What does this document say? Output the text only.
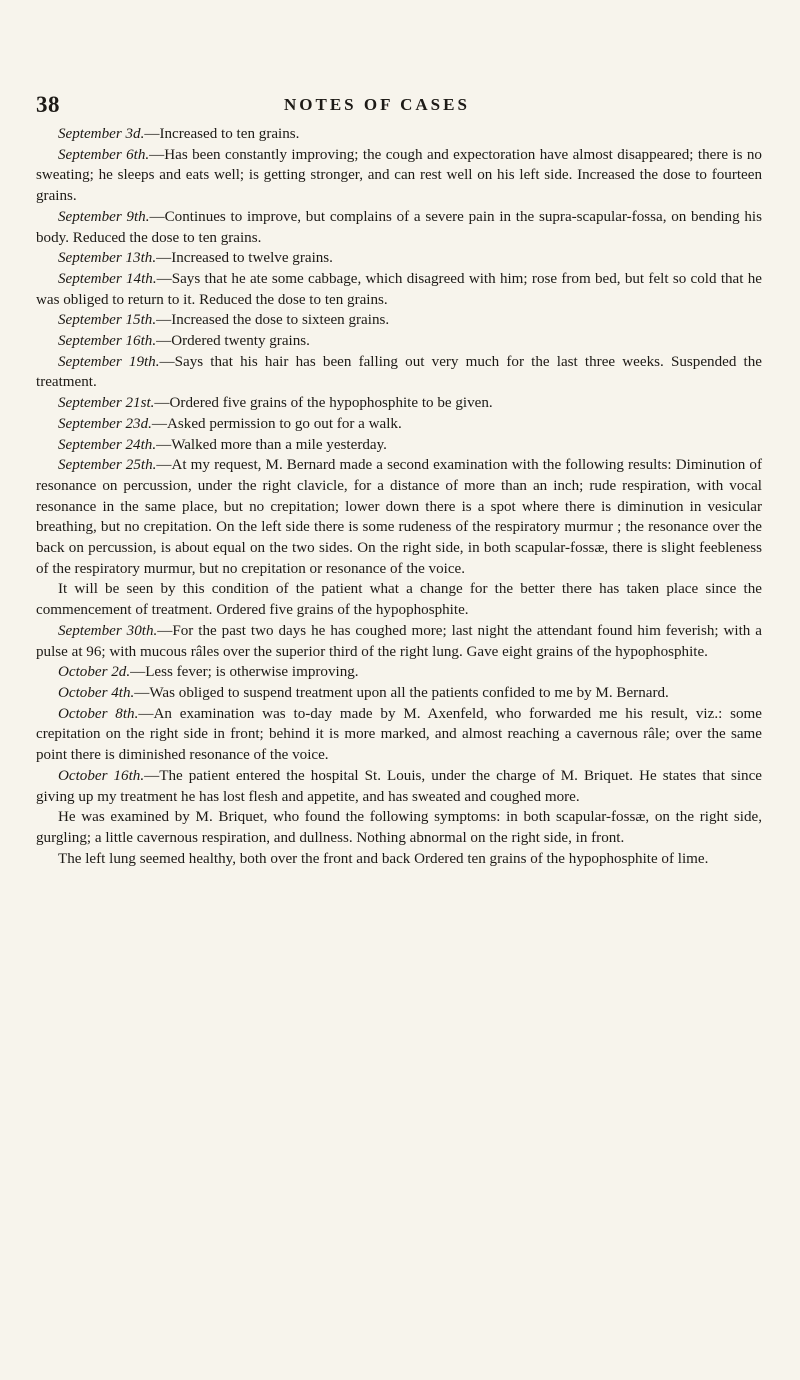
38	NOTES OF CASES

September 3d.—Increased to ten grains.

September 6th.—Has been constantly improving; the cough and expectoration have almost disappeared; there is no sweating; he sleeps and eats well; is getting stronger, and can rest well on his left side. Increased the dose to fourteen grains.

September 9th.—Continues to improve, but complains of a severe pain in the supra-scapular-fossa, on bending his body. Reduced the dose to ten grains.

September 13th.—Increased to twelve grains.

September 14th.—Says that he ate some cabbage, which disagreed with him; rose from bed, but felt so cold that he was obliged to return to it. Reduced the dose to ten grains.

September 15th.—Increased the dose to sixteen grains.

September 16th.—Ordered twenty grains.

September 19th.—Says that his hair has been falling out very much for the last three weeks. Suspended the treatment.

September 21st.—Ordered five grains of the hypophosphite to be given.

September 23d.—Asked permission to go out for a walk.

September 24th.—Walked more than a mile yesterday.

September 25th.—At my request, M. Bernard made a second examination with the following results: Diminution of resonance on percussion, under the right clavicle, for a distance of more than an inch; rude respiration, with vocal resonance in the same place, but no crepitation; lower down there is a spot where there is diminution in vesicular breathing, but no crepitation. On the left side there is some rudeness of the respiratory murmur ; the resonance over the back on percussion, is about equal on the two sides. On the right side, in both scapular-fossæ, there is slight feebleness of the respiratory murmur, but no crepitation or resonance of the voice.

It will be seen by this condition of the patient what a change for the better there has taken place since the commencement of treatment. Ordered five grains of the hypophosphite.

September 30th.—For the past two days he has coughed more; last night the attendant found him feverish; with a pulse at 96; with mucous râles over the superior third of the right lung. Gave eight grains of the hypophosphite.

October 2d.—Less fever; is otherwise improving.

October 4th.—Was obliged to suspend treatment upon all the patients confided to me by M. Bernard.

October 8th.—An examination was to-day made by M. Axenfeld, who forwarded me his result, viz.: some crepitation on the right side in front; behind it is more marked, and almost reaching a cavernous râle; over the same point there is diminished resonance of the voice.

October 16th.—The patient entered the hospital St. Louis, under the charge of M. Briquet. He states that since giving up my treatment he has lost flesh and appetite, and has sweated and coughed more.

He was examined by M. Briquet, who found the following symptoms: in both scapular-fossæ, on the right side, gurgling; a little cavernous respiration, and dullness. Nothing abnormal on the right side, in front.

The left lung seemed healthy, both over the front and back Ordered ten grains of the hypophosphite of lime.
